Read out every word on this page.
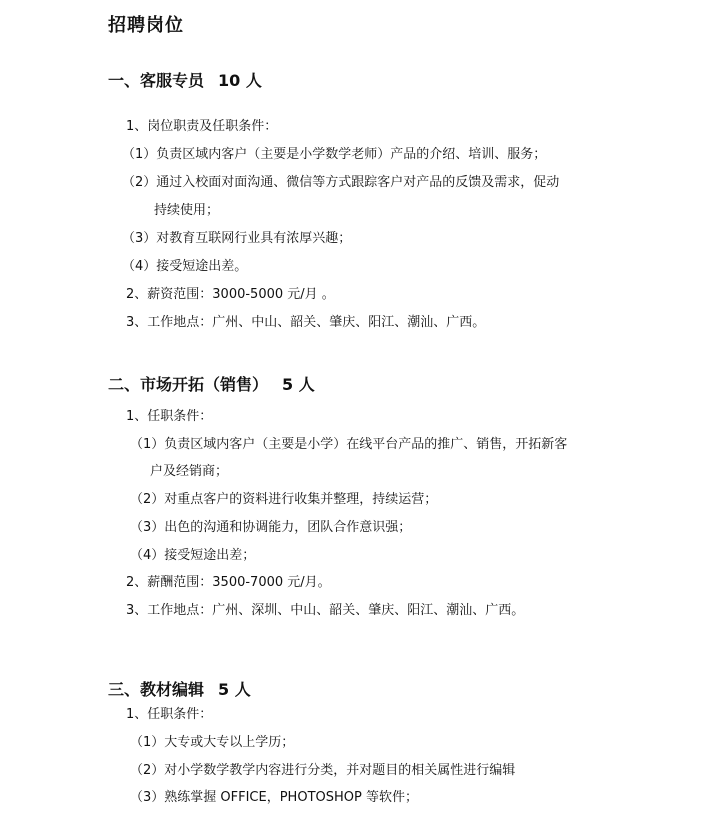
招聘岗位
一、客服专员 10 人
1、岗位职责及任职条件：
（1）负责区域内客户（主要是小学数学老师）产品的介绍、培训、服务；
（2）通过入校面对面沟通、微信等方式跟踪客户对产品的反馈及需求，促动
持续使用；
（3）对教育互联网行业具有浓厚兴趣；
（4）接受短途出差。
2、薪资范围：3000-5000 元/月 。
3、工作地点：广州、中山、韶关、肇庆、阳江、潮汕、广西。
二、市场开拓（销售） 5 人
1、任职条件：
（1）负责区域内客户（主要是小学）在线平台产品的推广、销售，开拓新客
户及经销商；
（2）对重点客户的资料进行收集并整理，持续运营；
（3）出色的沟通和协调能力，团队合作意识强；
（4）接受短途出差；
2、薪酬范围：3500-7000 元/月。
3、工作地点：广州、深圳、中山、韶关、肇庆、阳江、潮汕、广西。
三、教材编辑 5 人
1、任职条件：
（1）大专或大专以上学历；
（2）对小学数学教学内容进行分类，并对题目的相关属性进行编辑
（3）熟练掌握 OFFICE，PHOTOSHOP 等软件；
